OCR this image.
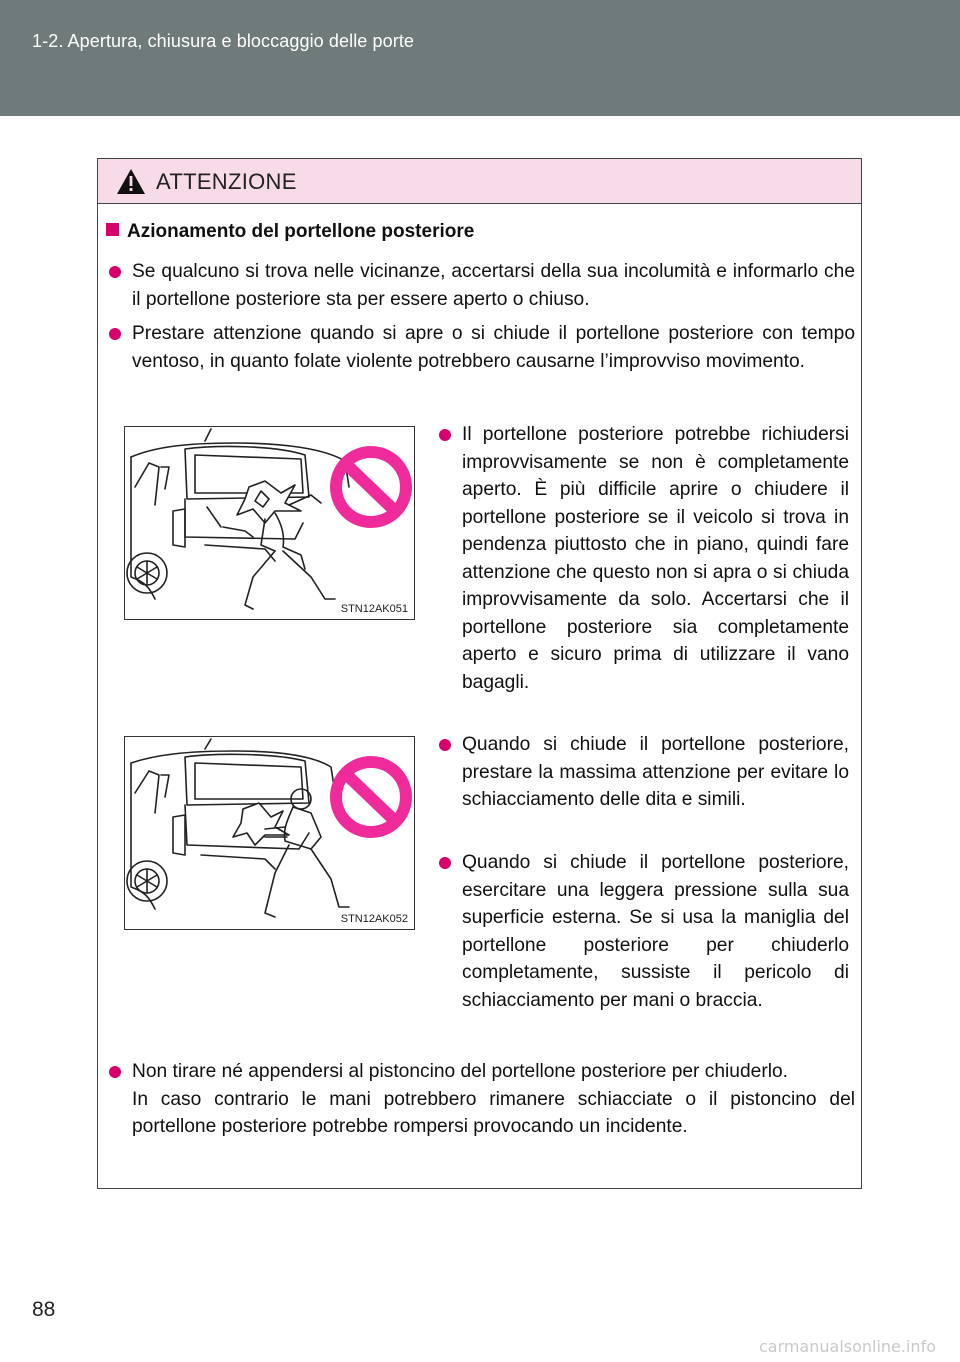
1-2. Apertura, chiusura e bloccaggio delle porte
ATTENZIONE
Azionamento del portellone posteriore
Se qualcuno si trova nelle vicinanze, accertarsi della sua incolumità e informarlo che il portellone posteriore sta per essere aperto o chiuso.
Prestare attenzione quando si apre o si chiude il portellone posteriore con tempo ventoso, in quanto folate violente potrebbero causarne l’improvviso movimento.
STN12AK051
Il portellone posteriore potrebbe richiudersi improvvisamente se non è completamente aperto. È più difficile aprire o chiudere il portellone posteriore se il veicolo si trova in pendenza piuttosto che in piano, quindi fare attenzione che questo non si apra o si chiuda improvvisamente da solo. Accertarsi che il portellone posteriore sia completamente aperto e sicuro prima di utilizzare il vano bagagli.
STN12AK052
Quando si chiude il portellone posteriore, prestare la massima attenzione per evitare lo schiacciamento delle dita e simili.
Quando si chiude il portellone posteriore, esercitare una leggera pressione sulla sua superficie esterna. Se si usa la maniglia del portellone posteriore per chiuderlo completamente, sussiste il pericolo di schiacciamento per mani o braccia.
Non tirare né appendersi al pistoncino del portellone posteriore per chiuderlo.
In caso contrario le mani potrebbero rimanere schiacciate o il pistoncino del portellone posteriore potrebbe rompersi provocando un incidente.
88
carmanualsonline.info
